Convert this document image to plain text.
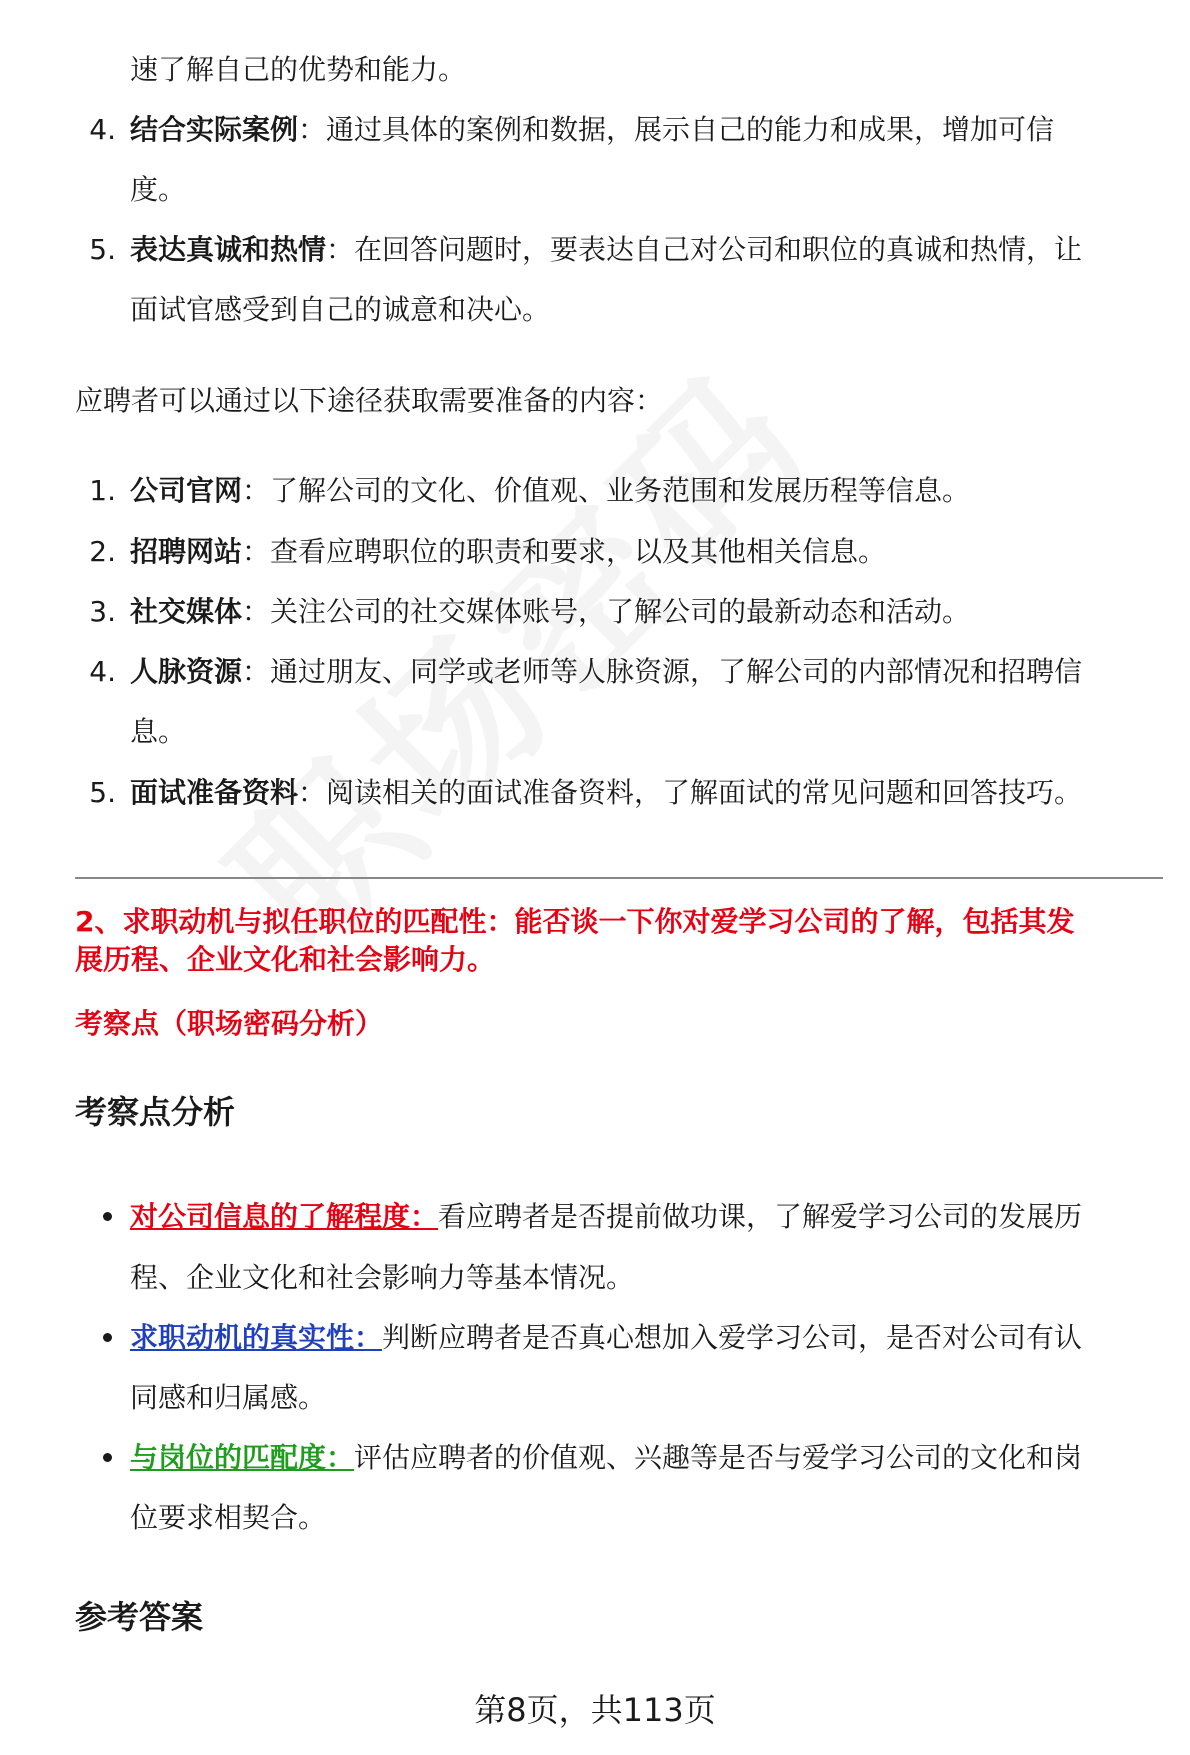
速了解自己的优势和能力。
4. 结合实际案例：通过具体的案例和数据，展示自己的能力和成果，增加可信
度。
5. 表达真诚和热情：在回答问题时，要表达自己对公司和职位的真诚和热情，让
面试官感受到自己的诚意和决心。
应聘者可以通过以下途径获取需要准备的内容：
1. 公司官网：了解公司的文化、价值观、业务范围和发展历程等信息。
2. 招聘网站：查看应聘职位的职责和要求，以及其他相关信息。
3. 社交媒体：关注公司的社交媒体账号，了解公司的最新动态和活动。
4. 人脉资源：通过朋友、同学或老师等人脉资源，了解公司的内部情况和招聘信
息。
5. 面试准备资料：阅读相关的面试准备资料，了解面试的常见问题和回答技巧。
2、求职动机与拟任职位的匹配性：能否谈一下你对爱学习公司的了解，包括其发
展历程、企业文化和社会影响力。
考察点（职场密码分析）
考察点分析
对公司信息的了解程度：看应聘者是否提前做功课，了解爱学习公司的发展历
程、企业文化和社会影响力等基本情况。
求职动机的真实性：判断应聘者是否真心想加入爱学习公司，是否对公司有认
同感和归属感。
与岗位的匹配度：评估应聘者的价值观、兴趣等是否与爱学习公司的文化和岗
位要求相契合。
参考答案
第8页，共113页
